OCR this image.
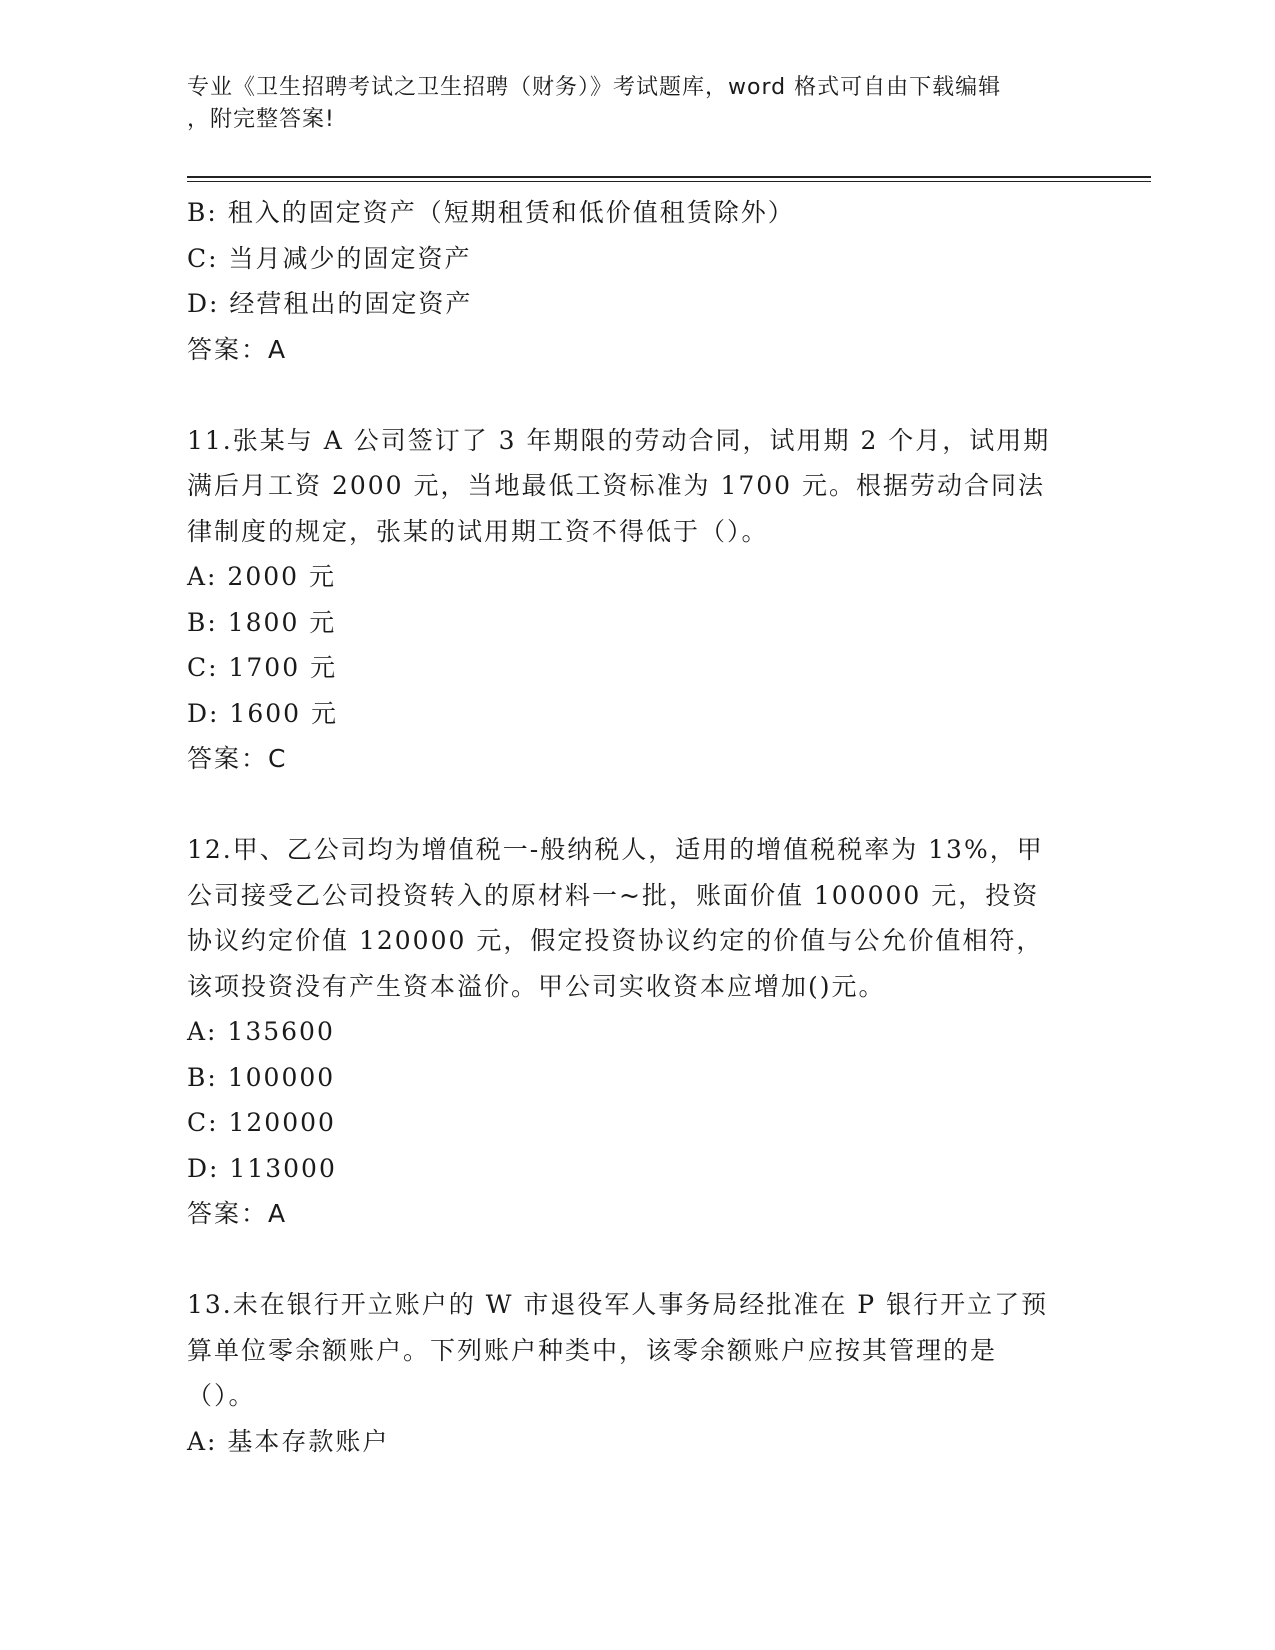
专业《卫生招聘考试之卫生招聘（财务）》考试题库，word 格式可自由下载编辑
，附完整答案!
B: 租入的固定资产（短期租赁和低价值租赁除外）
C: 当月减少的固定资产
D: 经营租出的固定资产
答案：A
11.张某与 A 公司签订了 3 年期限的劳动合同，试用期 2 个月，试用期
满后月工资 2000 元，当地最低工资标准为 1700 元。根据劳动合同法
律制度的规定，张某的试用期工资不得低于（）。
A: 2000 元
B: 1800 元
C: 1700 元
D: 1600 元
答案：C
12.甲、乙公司均为增值税一-般纳税人，适用的增值税税率为 13%，甲
公司接受乙公司投资转入的原材料一~批，账面价值 100000 元，投资
协议约定价值 120000 元，假定投资协议约定的价值与公允价值相符，
该项投资没有产生资本溢价。甲公司实收资本应增加()元。
A: 135600
B: 100000
C: 120000
D: 113000
答案：A
13.未在银行开立账户的 W 市退役军人事务局经批准在 P 银行开立了预
算单位零余额账户。下列账户种类中，该零余额账户应按其管理的是
（）。
A: 基本存款账户
